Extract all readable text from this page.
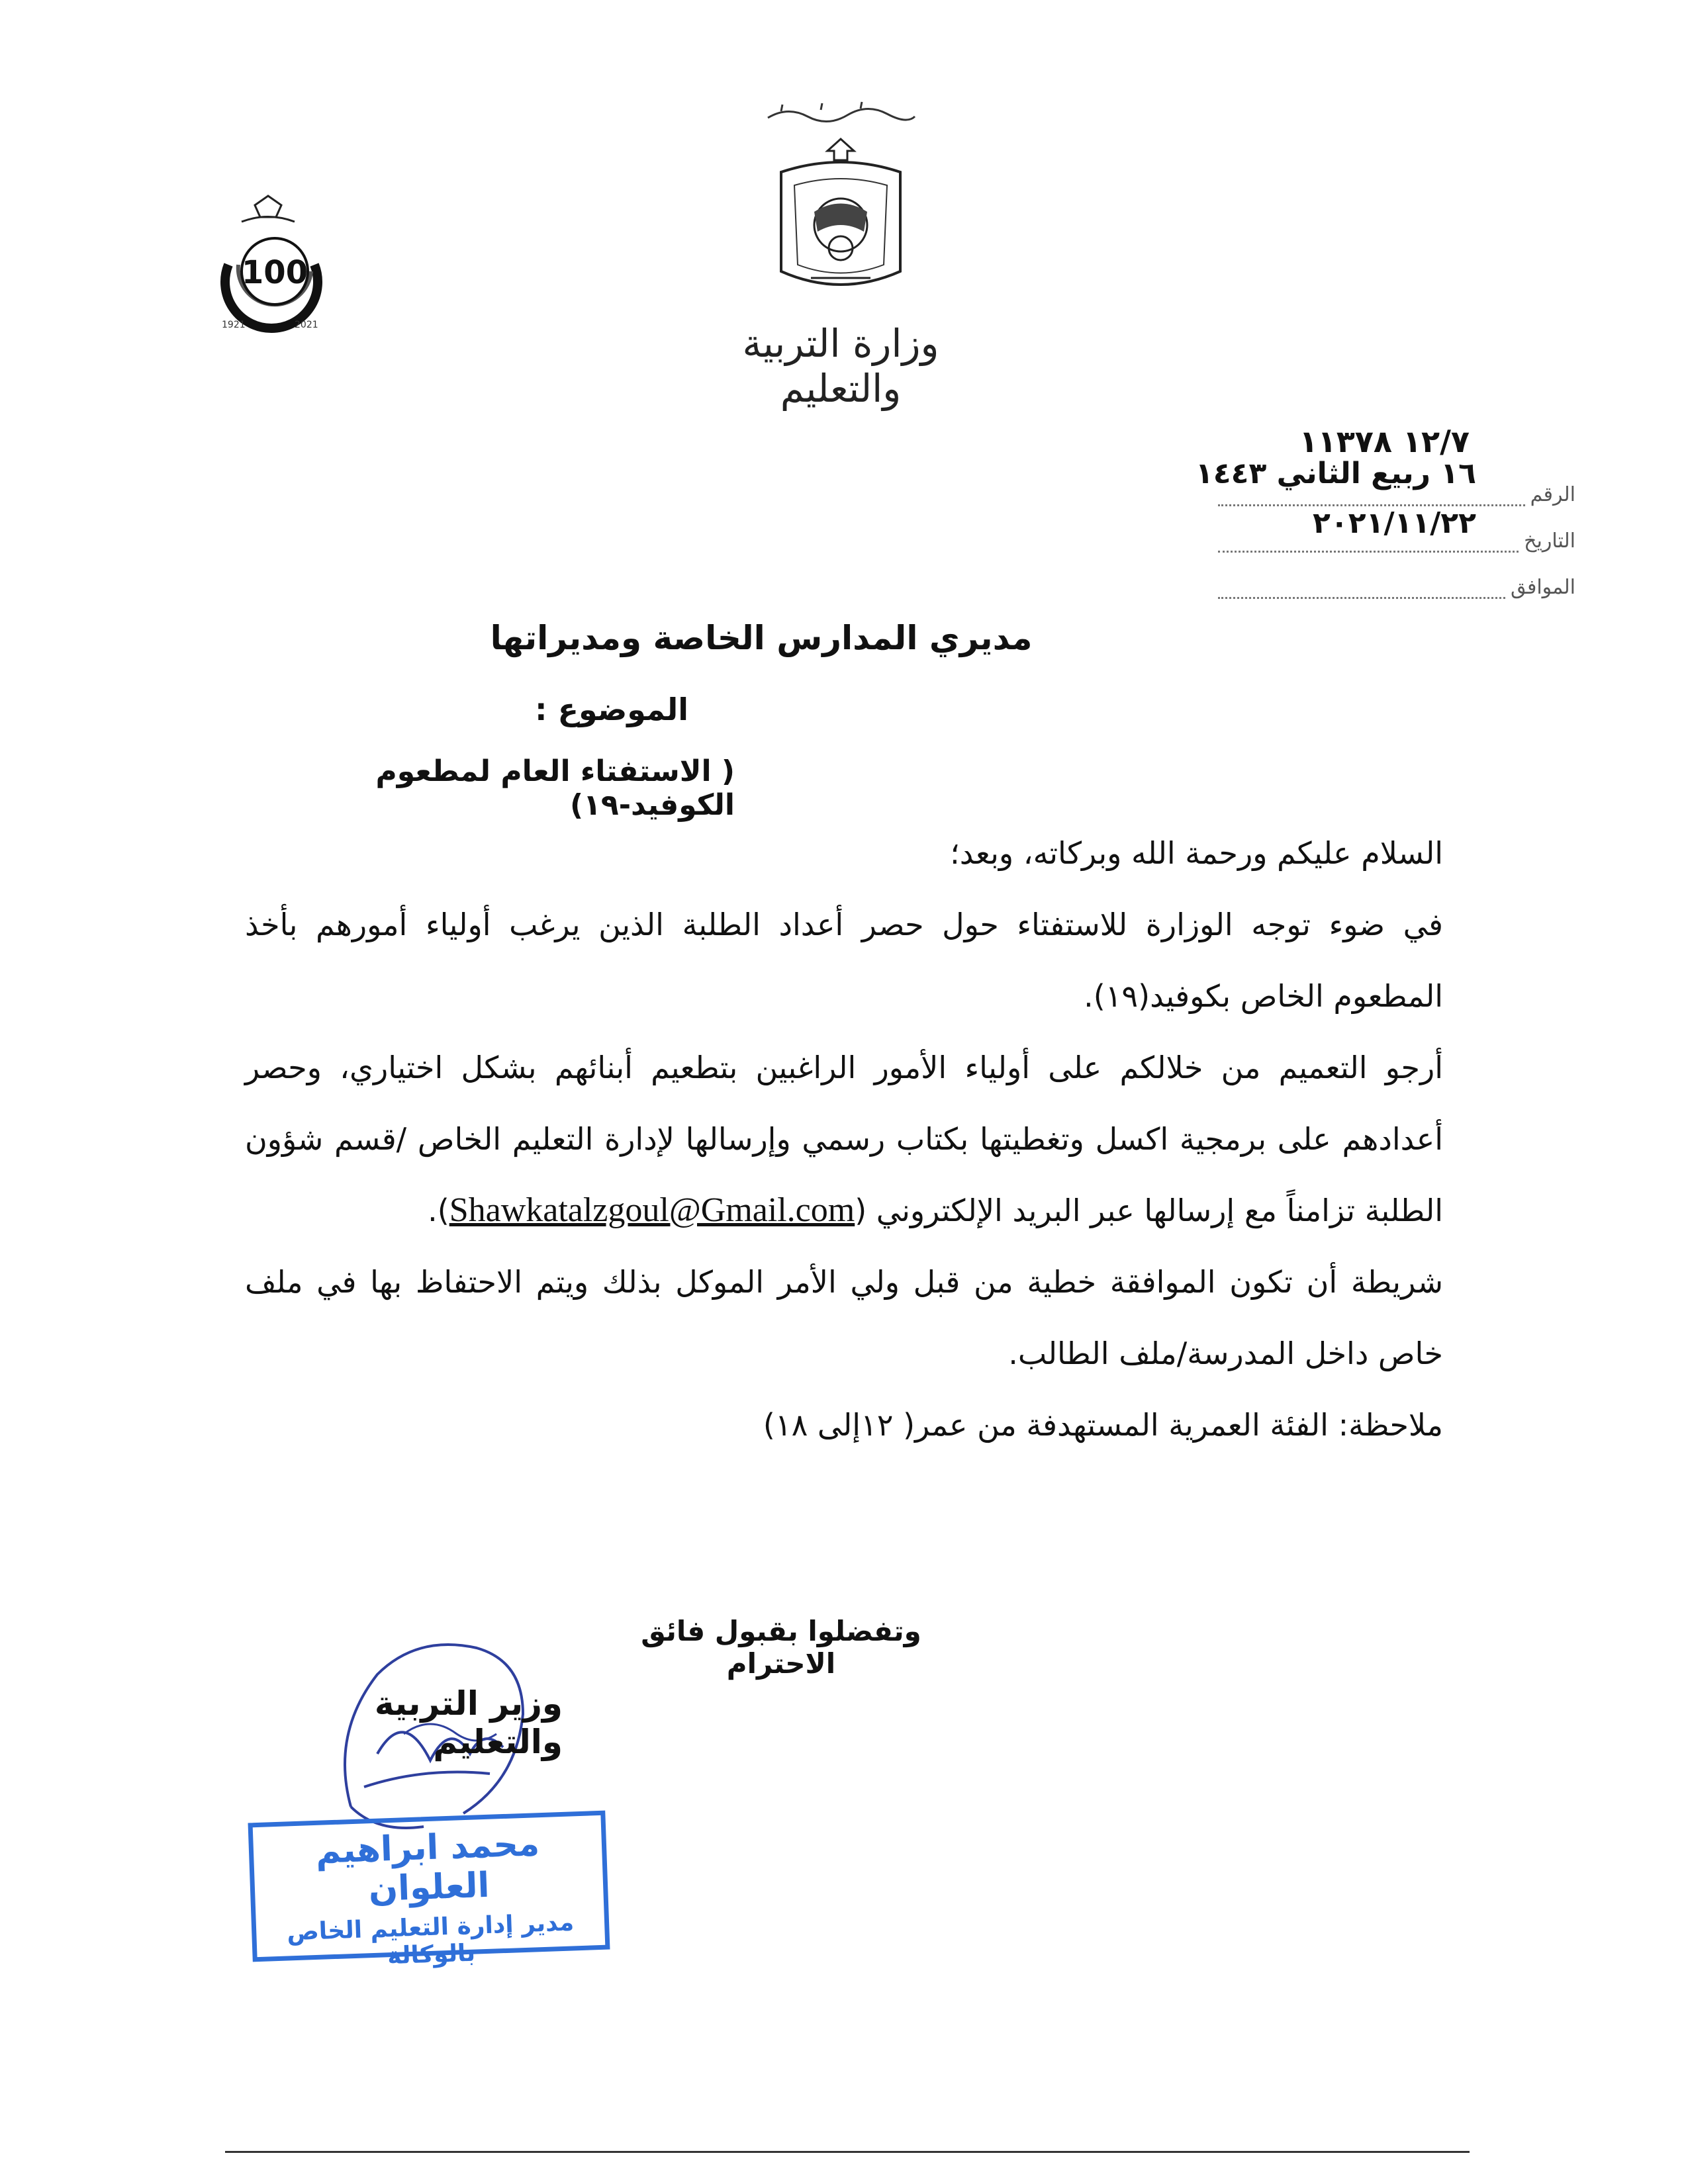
وزارة التربية والتعليم
100
1921	2021
١٢/٧ ١١٣٧٨
الرقم
١٦ ربيع الثاني ١٤٤٣
التاريخ
٢٠٢١/١١/٢٢
الموافق
مديري المدارس الخاصة ومديراتها
الموضوع :
( الاستفتاء العام لمطعوم الكوفيد-١٩)

السلام عليكم ورحمة الله وبركاته، وبعد؛

في ضوء توجه الوزارة للاستفتاء حول حصر أعداد الطلبة الذين يرغب أولياء أمورهم بأخذ المطعوم الخاص بكوفيد(١٩).

أرجو التعميم من خلالكم على أولياء الأمور الراغبين بتطعيم أبنائهم بشكل اختياري، وحصر أعدادهم على برمجية اكسل وتغطيتها بكتاب رسمي وإرسالها لإدارة التعليم الخاص /قسم شؤون الطلبة تزامناً مع إرسالها عبر البريد الإلكتروني (Shawkatalzgoul@Gmail.com).

شريطة أن تكون الموافقة خطية من قبل ولي الأمر الموكل بذلك ويتم الاحتفاظ بها في ملف خاص داخل المدرسة/ملف الطالب.

ملاحظة: الفئة العمرية المستهدفة من عمر( ١٢إلى ١٨)

وتفضلوا بقبول فائق الاحترام
وزير التربية والتعليم
محمد ابراهيم العلوان
مدير إدارة التعليم الخاص بالوكالة
